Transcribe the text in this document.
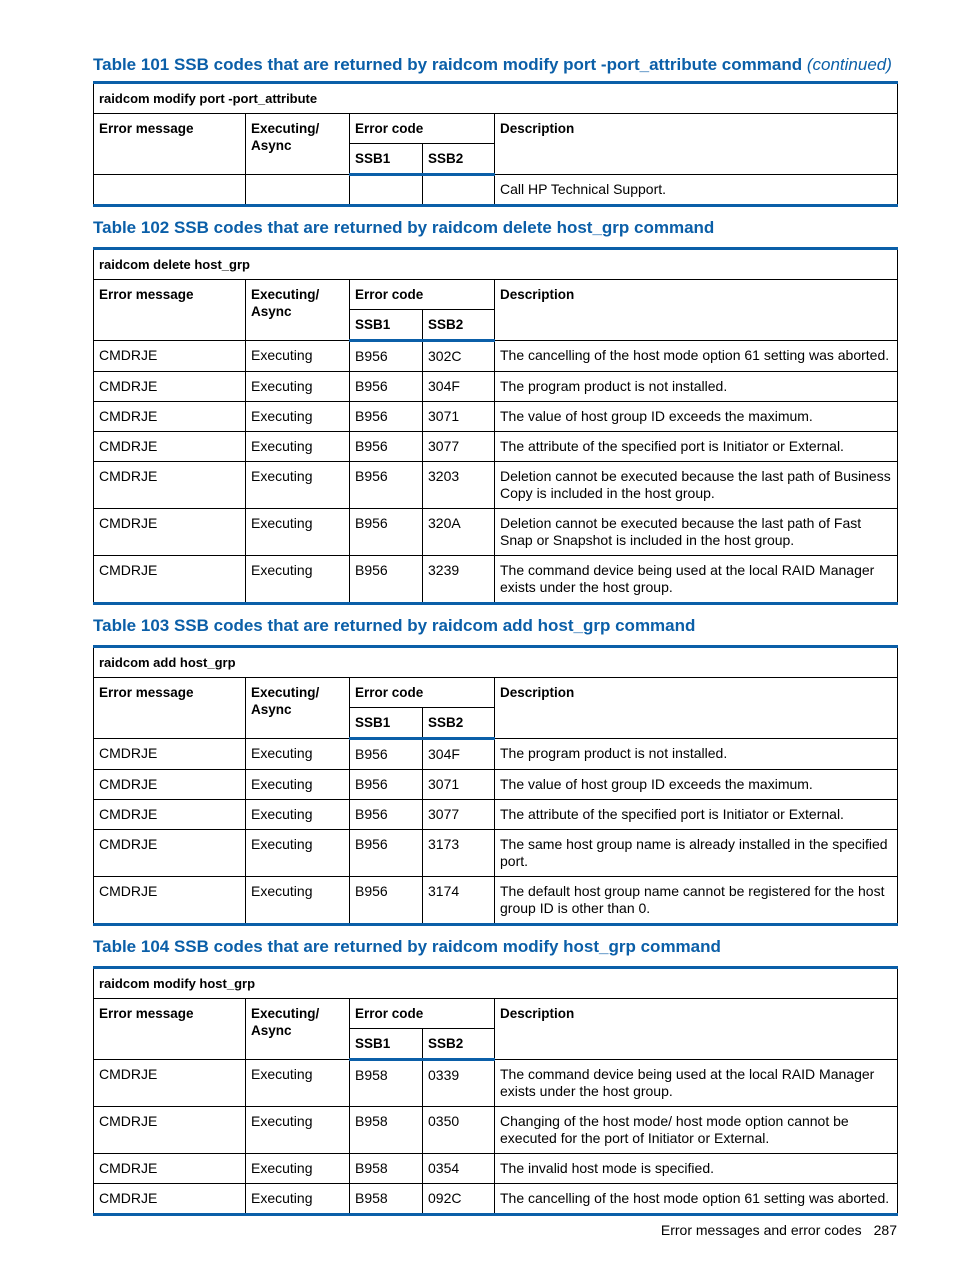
Table 101 SSB codes that are returned by raidcom modify port -port_attribute command (continued)

raidcom modify port -port_attribute				
Error message	Executing/ Async	Error code		Description
		SSB1	SSB2	
				Call HP Technical Support.

Table 102 SSB codes that are returned by raidcom delete host_grp command

raidcom delete host_grp				
Error message	Executing/ Async	Error code		Description
		SSB1	SSB2	
CMDRJE	Executing	B956	302C	The cancelling of the host mode option 61 setting was aborted.
CMDRJE	Executing	B956	304F	The program product is not installed.
CMDRJE	Executing	B956	3071	The value of host group ID exceeds the maximum.
CMDRJE	Executing	B956	3077	The attribute of the specified port is Initiator or External.
CMDRJE	Executing	B956	3203	Deletion cannot be executed because the last path of Business Copy is included in the host group.
CMDRJE	Executing	B956	320A	Deletion cannot be executed because the last path of Fast Snap or Snapshot is included in the host group.
CMDRJE	Executing	B956	3239	The command device being used at the local RAID Manager exists under the host group.

Table 103 SSB codes that are returned by raidcom add host_grp command

raidcom add host_grp				
Error message	Executing/ Async	Error code		Description
		SSB1	SSB2	
CMDRJE	Executing	B956	304F	The program product is not installed.
CMDRJE	Executing	B956	3071	The value of host group ID exceeds the maximum.
CMDRJE	Executing	B956	3077	The attribute of the specified port is Initiator or External.
CMDRJE	Executing	B956	3173	The same host group name is already installed in the specified port.
CMDRJE	Executing	B956	3174	The default host group name cannot be registered for the host group ID is other than 0.

Table 104 SSB codes that are returned by raidcom modify host_grp command

raidcom modify host_grp				
Error message	Executing/ Async	Error code		Description
		SSB1	SSB2	
CMDRJE	Executing	B958	0339	The command device being used at the local RAID Manager exists under the host group.
CMDRJE	Executing	B958	0350	Changing of the host mode/ host mode option cannot be executed for the port of Initiator or External.
CMDRJE	Executing	B958	0354	The invalid host mode is specified.
CMDRJE	Executing	B958	092C	The cancelling of the host mode option 61 setting was aborted.
Error messages and error codes 287
